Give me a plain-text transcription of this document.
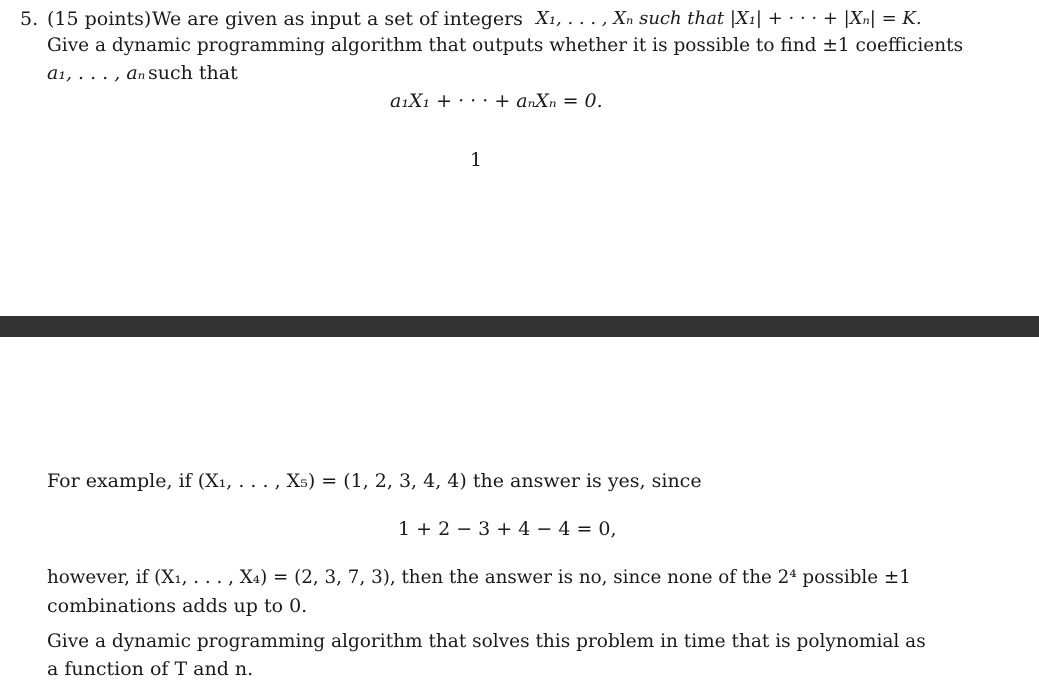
5. (15 points) We are given as input a set of integers X₁, . . . , Xₙ such that |X₁| + · · · + |Xₙ| = K.
Give a dynamic programming algorithm that outputs whether it is possible to find ±1 coefficients
a₁, . . . , aₙ such that
a₁X₁ + · · · + aₙXₙ = 0.
1
For example, if (X₁, . . . , X₅) = (1, 2, 3, 4, 4) the answer is yes, since
1 + 2 − 3 + 4 − 4 = 0,
however, if (X₁, . . . , X₄) = (2, 3, 7, 3), then the answer is no, since none of the 2⁴ possible ±1
combinations adds up to 0.
Give a dynamic programming algorithm that solves this problem in time that is polynomial as
a function of T and n.
